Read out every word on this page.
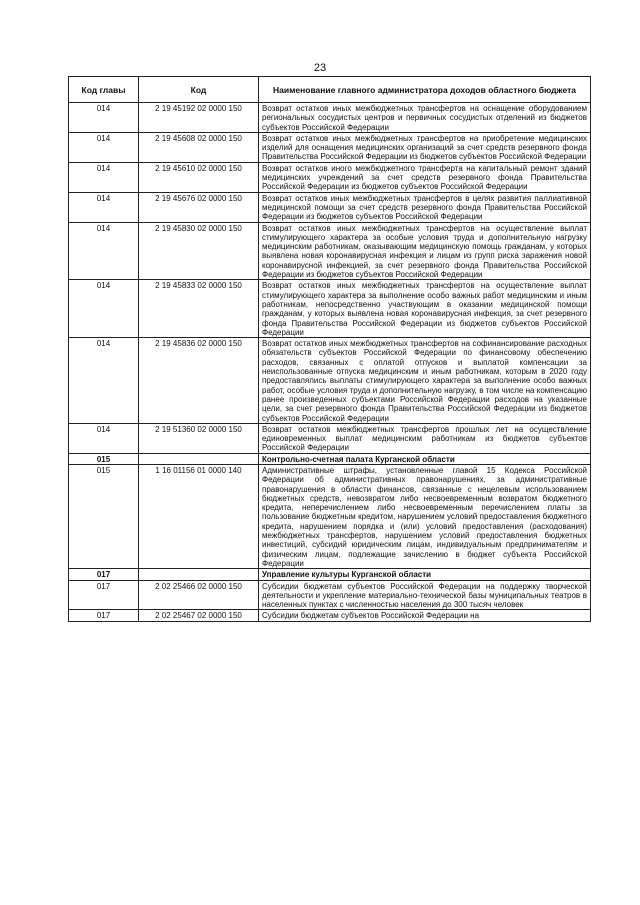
23
Код главы	Код	Наименование главного администратора доходов областного бюджета
014	2 19 45192 02 0000 150	Возврат остатков иных межбюджетных трансфертов на оснащение оборудованием региональных сосудистых центров и первичных сосудистых отделений из бюджетов субъектов Российской Федерации
014	2 19 45608 02 0000 150	Возврат остатков иных межбюджетных трансфертов на приобретение медицинских изделий для оснащения медицинских организаций за счет средств резервного фонда Правительства Российской Федерации из бюджетов субъектов Российской Федерации
014	2 19 45610 02 0000 150	Возврат остатков иного межбюджетного трансферта на капитальный ремонт зданий медицинских учреждений за счет средств резервного фонда Правительства Российской Федерации из бюджетов субъектов Российской Федерации
014	2 19 45676 02 0000 150	Возврат остатков иных межбюджетных трансфертов в целях развития паллиативной медицинской помощи за счет средств резервного фонда Правительства Российской Федерации из бюджетов субъектов Российской Федерации
014	2 19 45830 02 0000 150	Возврат остатков иных межбюджетных трансфертов на осуществление выплат стимулирующего характера за особые условия труда и дополнительную нагрузку медицинским работникам, оказывающим медицинскую помощь гражданам, у которых выявлена новая коронавирусная инфекция и лицам из групп риска заражения новой коронавирусной инфекцией, за счет резервного фонда Правительства Российской Федерации из бюджетов субъектов Российской Федерации
014	2 19 45833 02 0000 150	Возврат остатков иных межбюджетных трансфертов на осуществление выплат стимулирующего характера за выполнение особо важных работ медицинским и иным работникам, непосредственно участвующим в оказании медицинской помощи гражданам, у которых выявлена новая коронавирусная инфекция, за счет резервного фонда Правительства Российской Федерации из бюджетов субъектов Российской Федерации
014	2 19 45836 02 0000 150	Возврат остатков иных межбюджетных трансфертов на софинансирование расходных обязательств субъектов Российской Федерации по финансовому обеспечению расходов, связанных с оплатой отпусков и выплатой компенсации за неиспользованные отпуска медицинским и иным работникам, которым в 2020 году предоставлялись выплаты стимулирующего характера за выполнение особо важных работ, особые условия труда и дополнительную нагрузку, в том числе на компенсацию ранее произведенных субъектами Российской Федерации расходов на указанные цели, за счет резервного фонда Правительства Российской Федерации из бюджетов субъектов Российской Федерации
014	2 19 51360 02 0000 150	Возврат остатков межбюджетных трансфертов прошлых лет на осуществление единовременных выплат медицинским работникам из бюджетов субъектов Российской Федерации
015		Контрольно-счетная палата Курганской области
015	1 16 01156 01 0000 140	Административные штрафы, установленные главой 15 Кодекса Российской Федерации об административных правонарушениях, за административные правонарушения в области финансов, связанные с нецелевым использованием бюджетных средств, невозвратом либо несвоевременным возвратом бюджетного кредита, неперечислением либо несвоевременным перечислением платы за пользование бюджетным кредитом, нарушением условий предоставления бюджетного кредита, нарушением порядка и (или) условий предоставления (расходования) межбюджетных трансфертов, нарушением условий предоставления бюджетных инвестиций, субсидий юридическим лицам, индивидуальным предпринимателям и физическим лицам, подлежащие зачислению в бюджет субъекта Российской Федерации
017		Управление культуры Курганской области
017	2 02 25466 02 0000 150	Субсидии бюджетам субъектов Российской Федерации на поддержку творческой деятельности и укрепление материально-технической базы муниципальных театров в населенных пунктах с численностью населения до 300 тысяч человек
017	2 02 25467 02 0000 150	Субсидии бюджетам субъектов Российской Федерации на
